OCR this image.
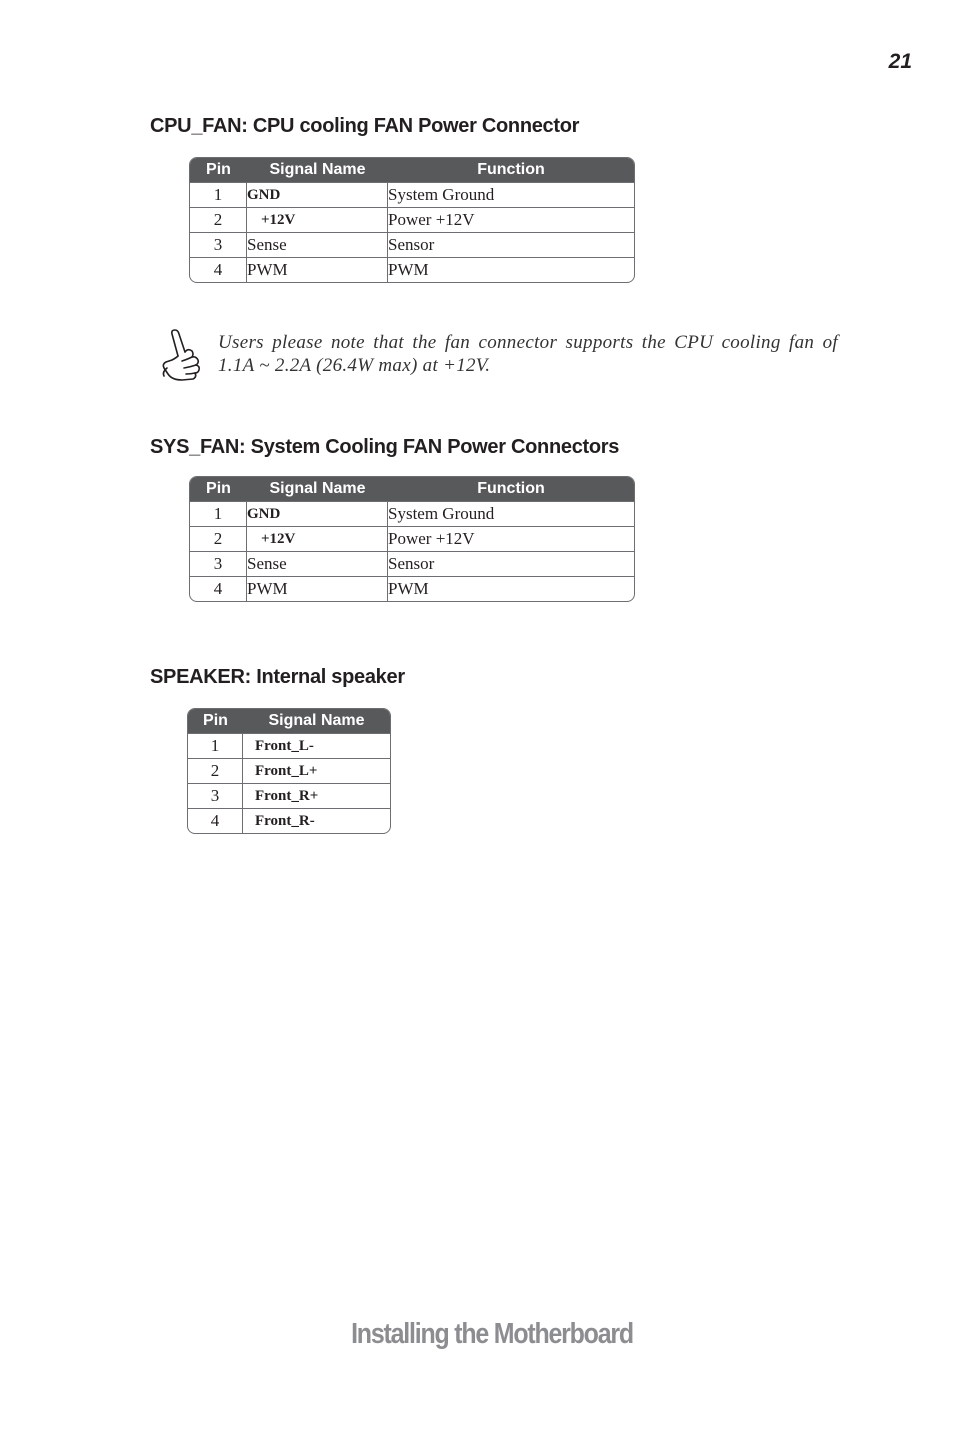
21
CPU_FAN: CPU cooling FAN Power Connector
Pin	Signal Name	Function
1	GND	System Ground
2	+12V	Power +12V
3	Sense	Sensor
4	PWM	PWM
Users please note that the fan connector supports the CPU cooling fan of 1.1A ~ 2.2A (26.4W max) at +12V.
SYS_FAN: System Cooling FAN Power Connectors
Pin	Signal Name	Function
1	GND	System Ground
2	+12V	Power +12V
3	Sense	Sensor
4	PWM	PWM
SPEAKER: Internal speaker
Pin	Signal Name
1	Front_L-
2	Front_L+
3	Front_R+
4	Front_R-
Installing the Motherboard
